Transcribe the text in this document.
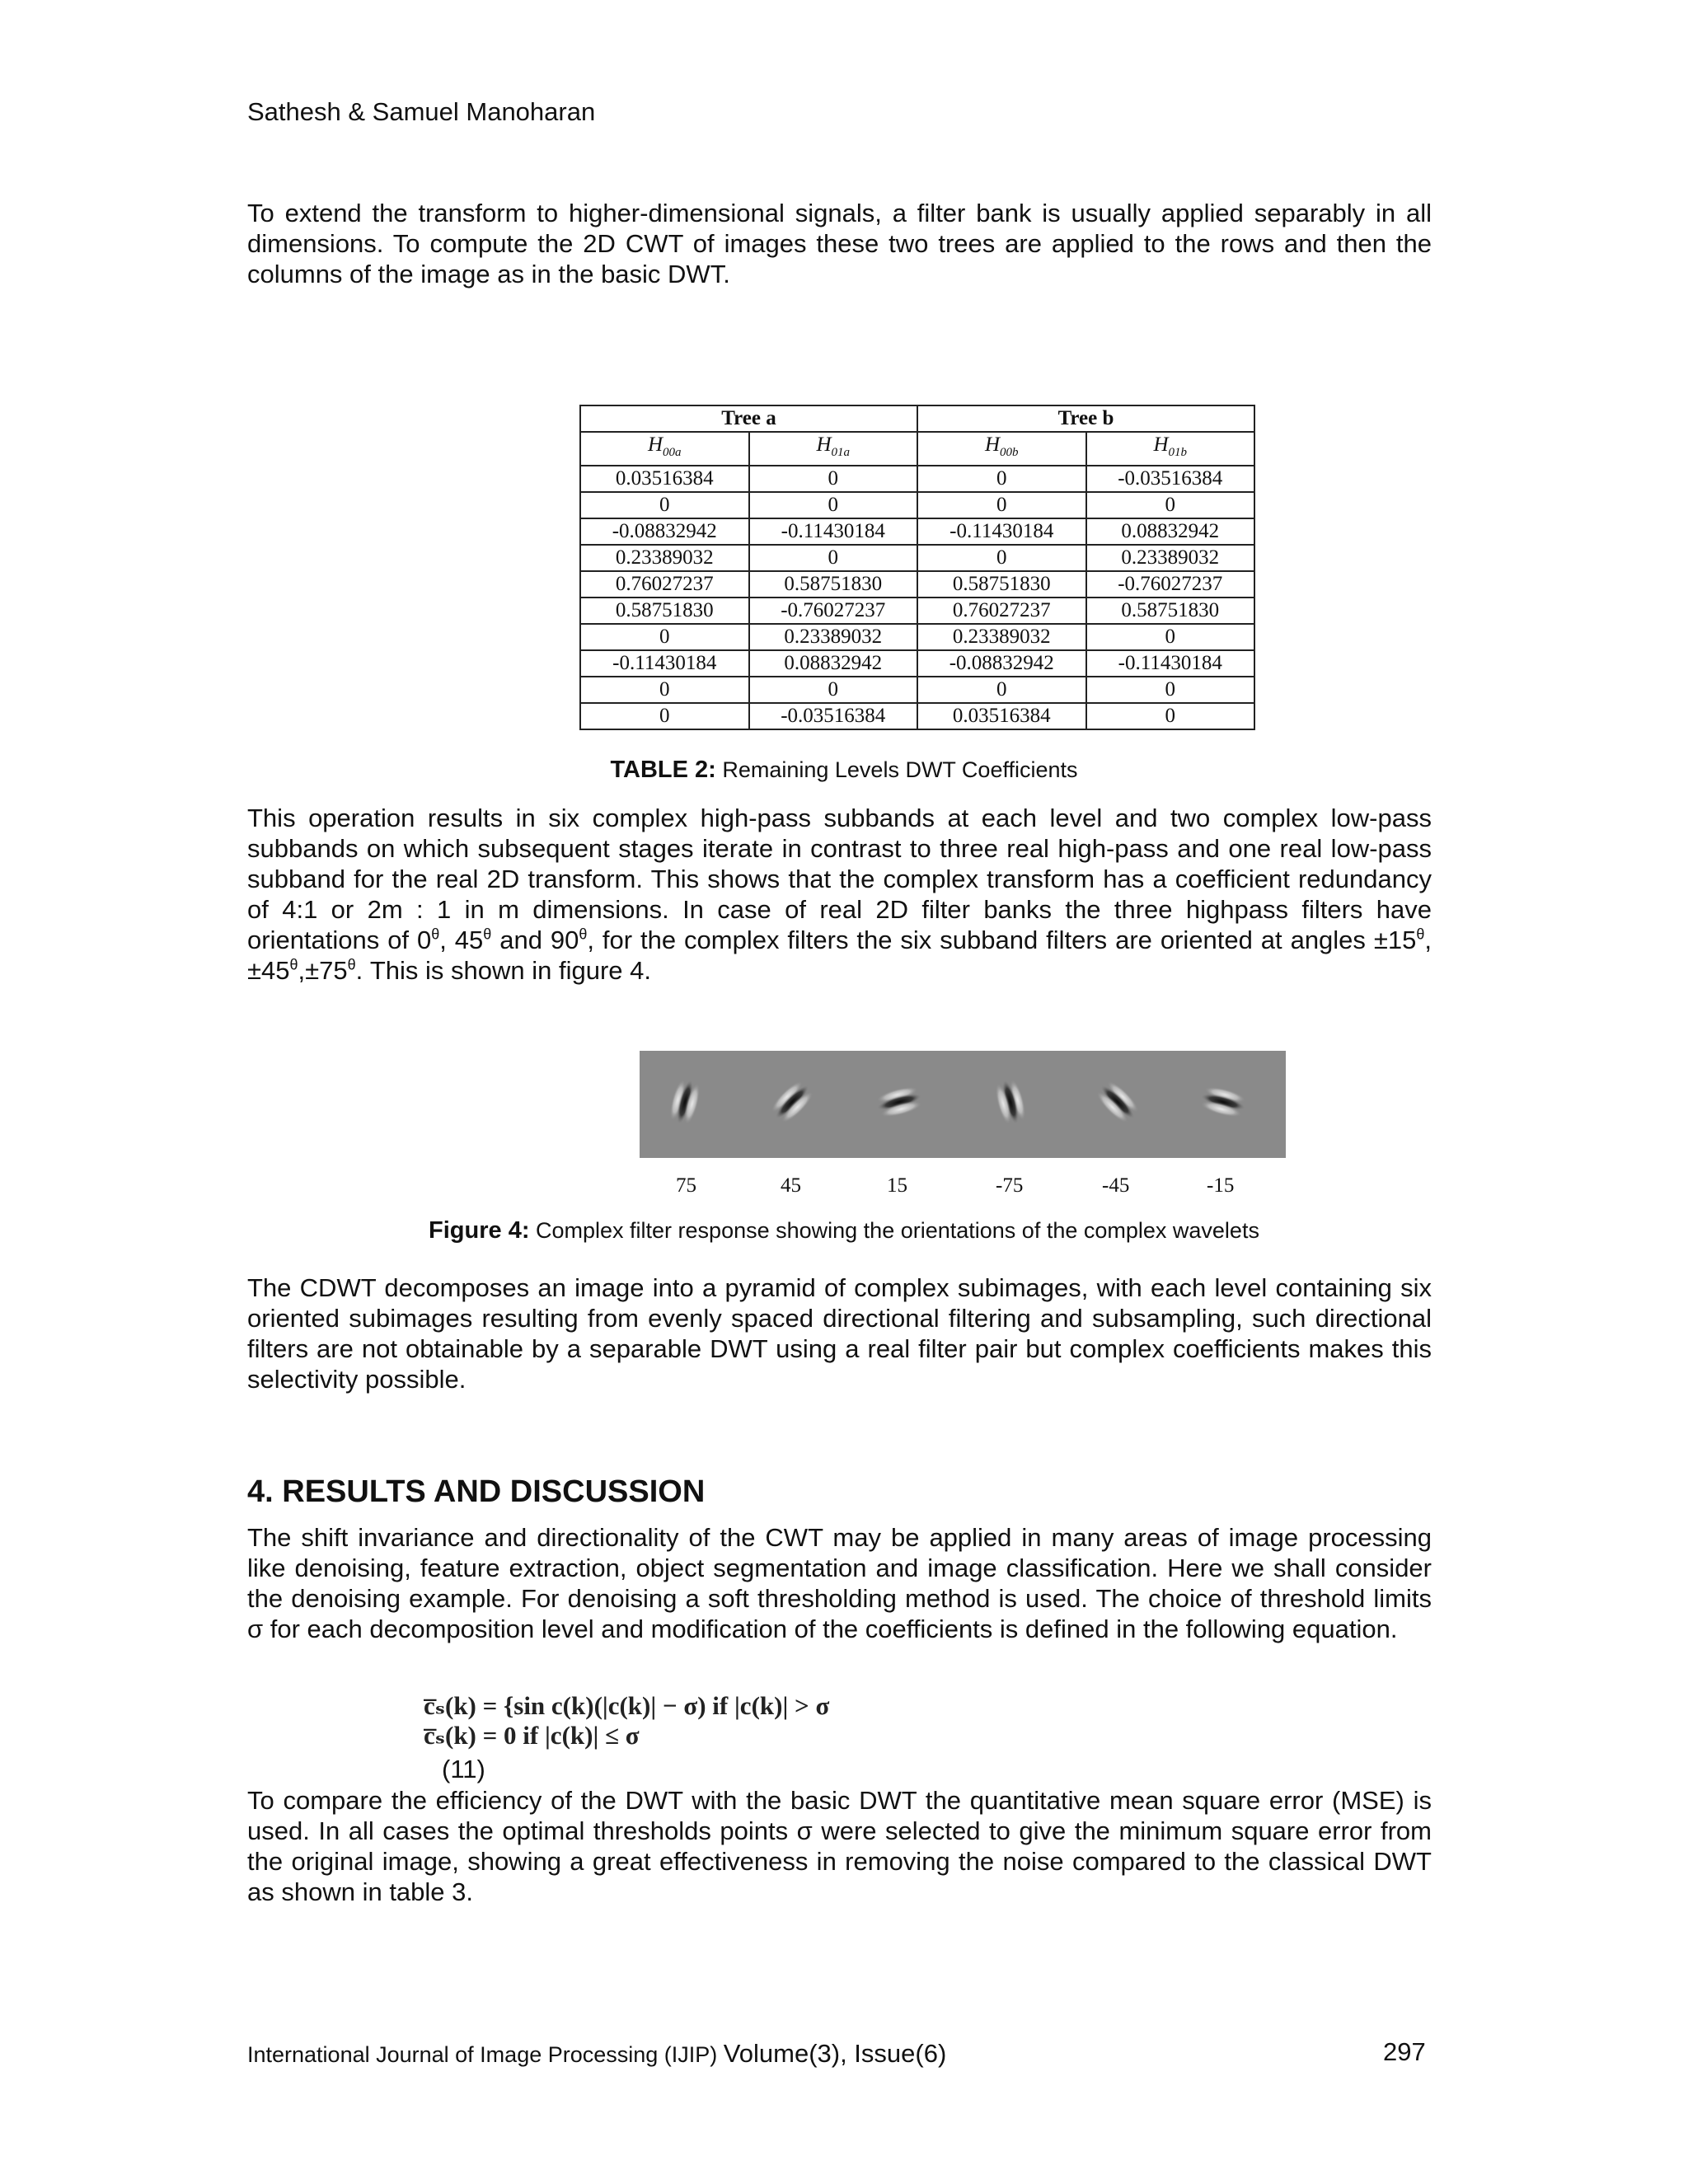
Sathesh & Samuel Manoharan

To extend the transform to higher-dimensional signals, a filter bank is usually applied separably in all dimensions. To compute the 2D CWT of images these two trees are applied to the rows and then the columns of the image as in the basic DWT.

Tree a		Tree b	
$H_{00a}$	$H_{01a}$	$H_{00b}$	$H_{01b}$
0.03516384	0	0	-0.03516384
0	0	0	0
-0.08832942	-0.11430184	-0.11430184	0.08832942
0.23389032	0	0	0.23389032
0.76027237	0.58751830	0.58751830	-0.76027237
0.58751830	-0.76027237	0.76027237	0.58751830
0	0.23389032	0.23389032	0
-0.11430184	0.08832942	-0.08832942	-0.11430184
0	0	0	0
0	-0.03516384	0.03516384	0
TABLE 2: Remaining Levels DWT Coefficients

This operation results in six complex high-pass subbands at each level and two complex low-pass subbands on which subsequent stages iterate in contrast to three real high-pass and one real low-pass subband for the real 2D transform. This shows that the complex transform has a coefficient redundancy of 4:1 or 2m : 1 in m dimensions. In case of real 2D filter banks the three highpass filters have orientations of $0^\theta$, $45^\theta$ and $90^\theta$, for the complex filters the six subband filters are oriented at angles $\pm 15^\theta,\pm 45^\theta,\pm 75^\theta$. This is shown in figure 4.

75	45	15	-75	-45	-15
Figure 4: Complex filter response showing the orientations of the complex wavelets

The CDWT decomposes an image into a pyramid of complex subimages, with each level containing six oriented subimages resulting from evenly spaced directional filtering and subsampling, such directional filters are not obtainable by a separable DWT using a real filter pair but complex coefficients makes this selectivity possible.

4. RESULTS AND DISCUSSION

The shift invariance and directionality of the CWT may be applied in many areas of image processing like denoising, feature extraction, object segmentation and image classification. Here we shall consider the denoising example. For denoising a soft thresholding method is used. The choice of threshold limits σ for each decomposition level and modification of the coefficients is defined in the following equation.

c̅ₛ(k) = {sin c(k)(|c(k)| − σ) if |c(k)| > σ
c̅ₛ(k) = 0 if |c(k)| ≤ σ
(11)

To compare the efficiency of the DWT with the basic DWT the quantitative mean square error (MSE) is used. In all cases the optimal thresholds points σ were selected to give the minimum square error from the original image, showing a great effectiveness in removing the noise compared to the classical DWT as shown in table 3.

International Journal of Image Processing (IJIP) Volume(3), Issue(6)	297
